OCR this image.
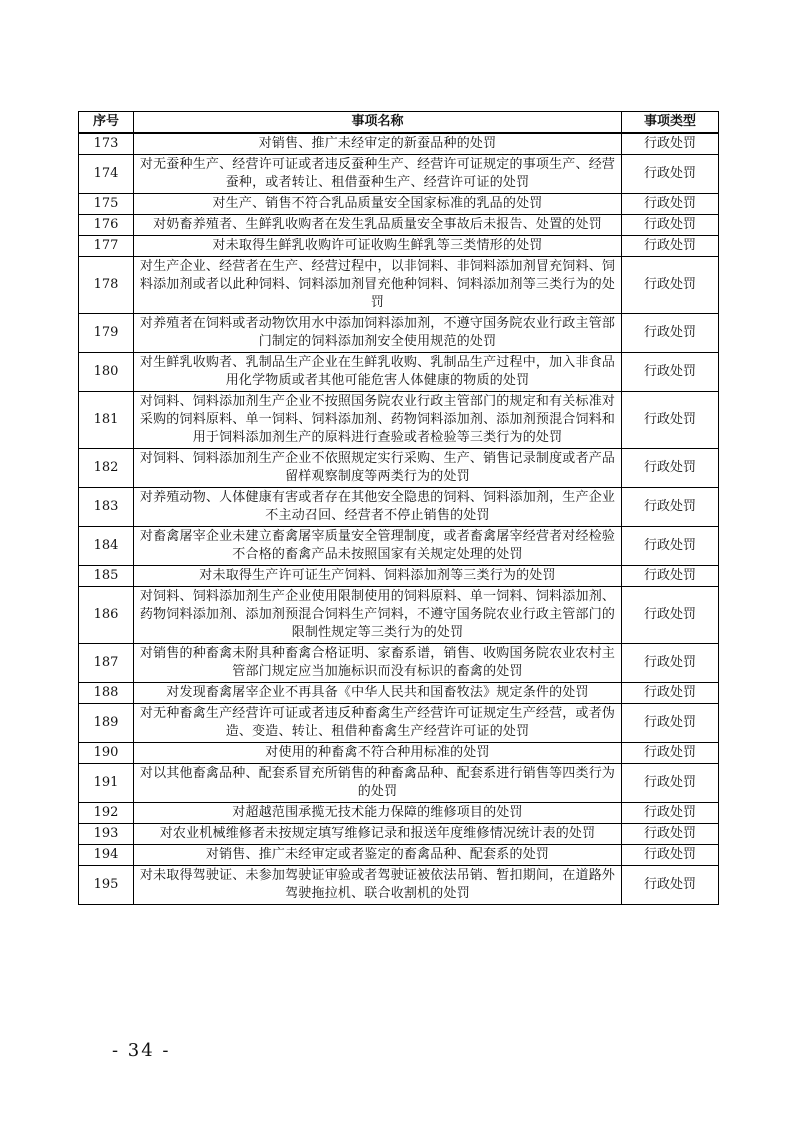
序号	事项名称	事项类型
173	对销售、推广未经审定的新蚕品种的处罚	行政处罚
174	对无蚕种生产、经营许可证或者违反蚕种生产、经营许可证规定的事项生产、经营蚕种，或者转让、租借蚕种生产、经营许可证的处罚	行政处罚
175	对生产、销售不符合乳品质量安全国家标准的乳品的处罚	行政处罚
176	对奶畜养殖者、生鲜乳收购者在发生乳品质量安全事故后未报告、处置的处罚	行政处罚
177	对未取得生鲜乳收购许可证收购生鲜乳等三类情形的处罚	行政处罚
178	对生产企业、经营者在生产、经营过程中，以非饲料、非饲料添加剂冒充饲料、饲料添加剂或者以此种饲料、饲料添加剂冒充他种饲料、饲料添加剂等三类行为的处罚	行政处罚
179	对养殖者在饲料或者动物饮用水中添加饲料添加剂，不遵守国务院农业行政主管部门制定的饲料添加剂安全使用规范的处罚	行政处罚
180	对生鲜乳收购者、乳制品生产企业在生鲜乳收购、乳制品生产过程中，加入非食品用化学物质或者其他可能危害人体健康的物质的处罚	行政处罚
181	对饲料、饲料添加剂生产企业不按照国务院农业行政主管部门的规定和有关标准对采购的饲料原料、单一饲料、饲料添加剂、药物饲料添加剂、添加剂预混合饲料和用于饲料添加剂生产的原料进行查验或者检验等三类行为的处罚	行政处罚
182	对饲料、饲料添加剂生产企业不依照规定实行采购、生产、销售记录制度或者产品留样观察制度等两类行为的处罚	行政处罚
183	对养殖动物、人体健康有害或者存在其他安全隐患的饲料、饲料添加剂，生产企业不主动召回、经营者不停止销售的处罚	行政处罚
184	对畜禽屠宰企业未建立畜禽屠宰质量安全管理制度，或者畜禽屠宰经营者对经检验不合格的畜禽产品未按照国家有关规定处理的处罚	行政处罚
185	对未取得生产许可证生产饲料、饲料添加剂等三类行为的处罚	行政处罚
186	对饲料、饲料添加剂生产企业使用限制使用的饲料原料、单一饲料、饲料添加剂、药物饲料添加剂、添加剂预混合饲料生产饲料，不遵守国务院农业行政主管部门的限制性规定等三类行为的处罚	行政处罚
187	对销售的种畜禽未附具种畜禽合格证明、家畜系谱，销售、收购国务院农业农村主管部门规定应当加施标识而没有标识的畜禽的处罚	行政处罚
188	对发现畜禽屠宰企业不再具备《中华人民共和国畜牧法》规定条件的处罚	行政处罚
189	对无种畜禽生产经营许可证或者违反种畜禽生产经营许可证规定生产经营，或者伪造、变造、转让、租借种畜禽生产经营许可证的处罚	行政处罚
190	对使用的种畜禽不符合种用标准的处罚	行政处罚
191	对以其他畜禽品种、配套系冒充所销售的种畜禽品种、配套系进行销售等四类行为的处罚	行政处罚
192	对超越范围承揽无技术能力保障的维修项目的处罚	行政处罚
193	对农业机械维修者未按规定填写维修记录和报送年度维修情况统计表的处罚	行政处罚
194	对销售、推广未经审定或者鉴定的畜禽品种、配套系的处罚	行政处罚
195	对未取得驾驶证、未参加驾驶证审验或者驾驶证被依法吊销、暂扣期间，在道路外驾驶拖拉机、联合收割机的处罚	行政处罚
- 34 -
